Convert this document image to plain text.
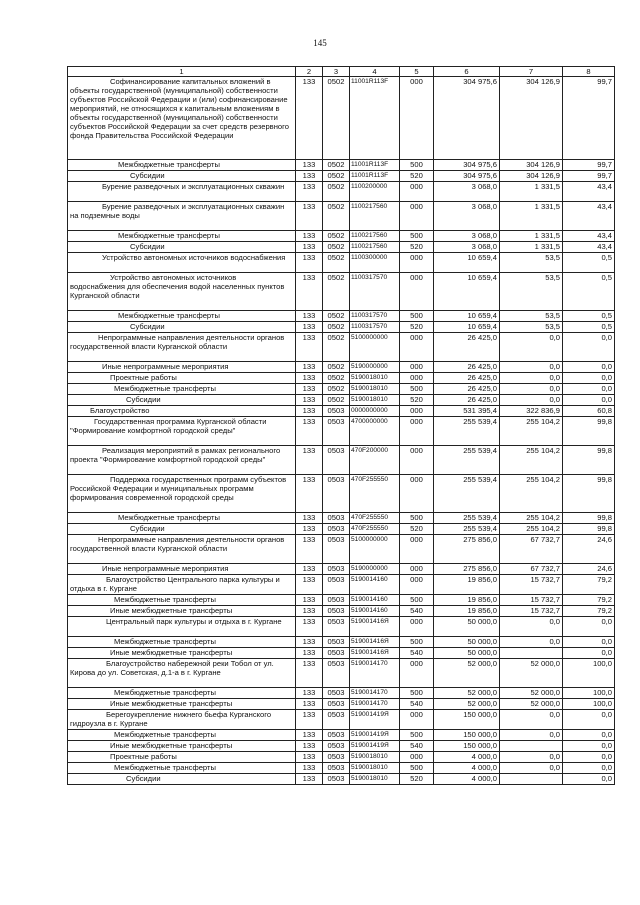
145
1	2	3	4	5	6	7	8
Софинансирование капитальных вложений в объекты государственной (муниципальной) собственности субъектов Российской Федерации и (или) софинансирование мероприятий, не относящихся к капитальным вложениям в объекты государственной (муниципальной) собственности субъектов Российской Федерации за счет средств резервного фонда Правительства Российской Федерации	133	0502	11001R113F	000	304 975,6	304 126,9	99,7
Межбюджетные трансферты	133	0502	11001R113F	500	304 975,6	304 126,9	99,7
Субсидии	133	0502	11001R113F	520	304 975,6	304 126,9	99,7
Бурение разведочных и эксплуатационных скважин	133	0502	1100200000	000	3 068,0	1 331,5	43,4
Бурение разведочных и эксплуатационных скважин на подземные воды	133	0502	1100217560	000	3 068,0	1 331,5	43,4
Межбюджетные трансферты	133	0502	1100217560	500	3 068,0	1 331,5	43,4
Субсидии	133	0502	1100217560	520	3 068,0	1 331,5	43,4
Устройство автономных источников водоснабжения	133	0502	1100300000	000	10 659,4	53,5	0,5
Устройство автономных источников водоснабжения для обеспечения водой населенных пунктов Курганской области	133	0502	1100317570	000	10 659,4	53,5	0,5
Межбюджетные трансферты	133	0502	1100317570	500	10 659,4	53,5	0,5
Субсидии	133	0502	1100317570	520	10 659,4	53,5	0,5
Непрограммные направления деятельности органов государственной власти Курганской области	133	0502	5100000000	000	26 425,0	0,0	0,0
Иные непрограммные мероприятия	133	0502	5190000000	000	26 425,0	0,0	0,0
Проектные работы	133	0502	5190018010	000	26 425,0	0,0	0,0
Межбюджетные трансферты	133	0502	5190018010	500	26 425,0	0,0	0,0
Субсидии	133	0502	5190018010	520	26 425,0	0,0	0,0
Благоустройство	133	0503	0000000000	000	531 395,4	322 836,9	60,8
Государственная программа Курганской области "Формирование комфортной городской среды"	133	0503	4700000000	000	255 539,4	255 104,2	99,8
Реализация мероприятий в рамках регионального проекта "Формирование комфортной городской среды"	133	0503	470F200000	000	255 539,4	255 104,2	99,8
Поддержка государственных программ субъектов Российской Федерации и муниципальных программ формирования современной городской среды	133	0503	470F255550	000	255 539,4	255 104,2	99,8
Межбюджетные трансферты	133	0503	470F255550	500	255 539,4	255 104,2	99,8
Субсидии	133	0503	470F255550	520	255 539,4	255 104,2	99,8
Непрограммные направления деятельности органов государственной власти Курганской области	133	0503	5100000000	000	275 856,0	67 732,7	24,6
Иные непрограммные мероприятия	133	0503	5190000000	000	275 856,0	67 732,7	24,6
Благоустройство Центрального парка культуры и отдыха в г. Кургане	133	0503	5190014160	000	19 856,0	15 732,7	79,2
Межбюджетные трансферты	133	0503	5190014160	500	19 856,0	15 732,7	79,2
Иные межбюджетные трансферты	133	0503	5190014160	540	19 856,0	15 732,7	79,2
Центральный парк культуры и отдыха в г. Кургане	133	0503	519001416Я	000	50 000,0	0,0	0,0
Межбюджетные трансферты	133	0503	519001416Я	500	50 000,0	0,0	0,0
Иные межбюджетные трансферты	133	0503	519001416Я	540	50 000,0		0,0
Благоустройство набережной реки Тобол от ул. Кирова до ул. Советская, д.1-а в г. Кургане	133	0503	5190014170	000	52 000,0	52 000,0	100,0
Межбюджетные трансферты	133	0503	5190014170	500	52 000,0	52 000,0	100,0
Иные межбюджетные трансферты	133	0503	5190014170	540	52 000,0	52 000,0	100,0
Берегоукрепление нижнего бьефа Курганского гидроузла в г. Кургане	133	0503	519001419Я	000	150 000,0	0,0	0,0
Межбюджетные трансферты	133	0503	519001419Я	500	150 000,0	0,0	0,0
Иные межбюджетные трансферты	133	0503	519001419Я	540	150 000,0		0,0
Проектные работы	133	0503	5190018010	000	4 000,0	0,0	0,0
Межбюджетные трансферты	133	0503	5190018010	500	4 000,0	0,0	0,0
Субсидии	133	0503	5190018010	520	4 000,0		0,0
